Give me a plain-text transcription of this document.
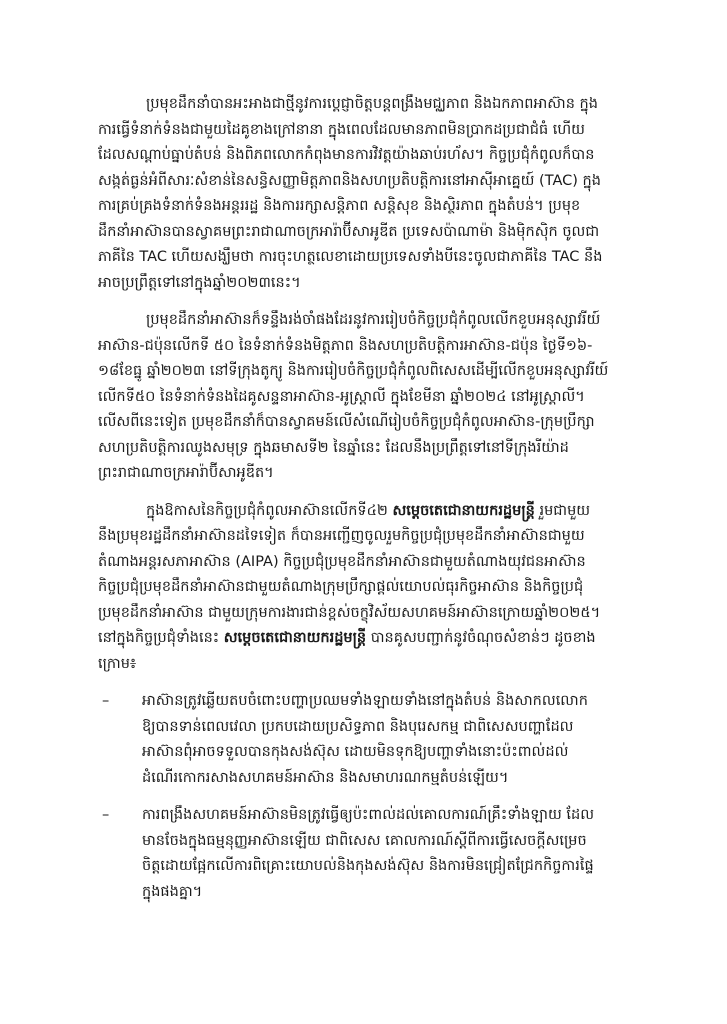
ប្រមុខដឹកនាំបានអះអាងជាថ្មីនូវការប្តេជ្ញាចិត្តបន្តពង្រឹងមជ្ឈភាព និងឯកភាពអាស៊ាន ក្នុង
ការធ្វើទំនាក់ទំនងជាមួយដៃគូខាងក្រៅនានា ក្នុងពេលដែលមានភាពមិនប្រាកដប្រជាជំធំ ហើយ
ដែលសណ្តាប់ធ្នាប់តំបន់ និងពិភពលោកកំពុងមានការវិវត្តយ៉ាងឆាប់រហ័ស។ កិច្ចប្រជុំកំពូលក៏បាន
សង្កត់ធ្ងន់អំពីសារៈសំខាន់នៃសន្ធិសញ្ញាមិត្តភាពនិងសហប្រតិបត្តិការនៅអាស៊ីអាគ្នេយ៍ (TAC) ក្នុង
ការគ្រប់គ្រងទំនាក់ទំនងអន្តររដ្ឋ និងការរក្សាសន្តិភាព សន្តិសុខ និងស្ថិរភាព ក្នុងតំបន់។ ប្រមុខ
ដឹកនាំអាស៊ានបានស្វាគមព្រះរាជាណាចក្រអារ៉ាប៊ីសាអូឌីត ប្រទេសប៉ាណាម៉ា និងម៉ិកស៊ិក ចូលជា
ភាគីនៃ TAC ហើយសង្ឃឹមថា ការចុះហត្ថលេខាដោយប្រទេសទាំងបីនេះចូលជាភាគីនៃ TAC នឹង
អាចប្រព្រឹត្តទៅនៅក្នុងឆ្នាំ២០២៣នេះ។

ប្រមុខដឹកនាំអាស៊ានក៏ទន្ទឹងរង់ចាំផងដែរនូវការរៀបចំកិច្ចប្រជុំកំពូលលើកខួបអនុស្សាវរីយ៍
អាស៊ាន-ជប៉ុនលើកទី ៥០ នៃទំនាក់ទំនងមិត្តភាព និងសហប្រតិបត្តិការអាស៊ាន-ជប៉ុន ថ្ងៃទី១៦-
១៨ខែធ្នូ ឆ្នាំ២០២៣ នៅទីក្រុងតូក្យូ និងការរៀបចំកិច្ចប្រជុំកំពូលពិសេសដើម្បីលើកខួបអនុស្សាវរីយ៍
លើកទី៥០ នៃទំនាក់ទំនងដៃគូសន្ទនាអាស៊ាន-អូស្ត្រាលី ក្នុងខែមីនា ឆ្នាំ២០២៤ នៅអូស្ត្រាលី។
លើសពីនេះទៀត ប្រមុខដឹកនាំក៏បានស្វាគមន៍លើសំណើរៀបចំកិច្ចប្រជុំកំពូលអាស៊ាន-ក្រុមប្រឹក្សា
សហប្រតិបត្តិការឈូងសមុទ្រ ក្នុងឆមាសទី២ នៃឆ្នាំនេះ ដែលនឹងប្រព្រឹត្តទៅនៅទីក្រុងរីយ៉ាដ
ព្រះរាជាណាចក្រអារ៉ាប៊ីសាអូឌីត។

ក្នុងឱកាសនៃកិច្ចប្រជុំកំពូលអាស៊ានលើកទី៤២ សម្តេចតេជោនាយករដ្ឋមន្ត្រី រួមជាមួយ
នឹងប្រមុខរដ្ឋដឹកនាំអាស៊ានដទៃទៀត ក៏បានអញ្ជើញចូលរួមកិច្ចប្រជុំប្រមុខដឹកនាំអាស៊ានជាមួយ
តំណាងអន្តរសភាអាស៊ាន (AIPA) កិច្ចប្រជុំប្រមុខដឹកនាំអាស៊ានជាមួយតំណាងយុវជនអាស៊ាន
កិច្ចប្រជុំប្រមុខដឹកនាំអាស៊ានជាមួយតំណាងក្រុមប្រឹក្សាផ្តល់យោបល់ធុរកិច្ចអាស៊ាន និងកិច្ចប្រជុំ
ប្រមុខដឹកនាំអាស៊ាន ជាមួយក្រុមការងារជាន់ខ្ពស់ចក្ខុវិស័យសហគមន៍អាស៊ានក្រោយឆ្នាំ២០២៥។
នៅក្នុងកិច្ចប្រជុំទាំងនេះ សម្តេចតេជោនាយករដ្ឋមន្ត្រី បានគូសបញ្ជាក់នូវចំណុចសំខាន់ៗ ដូចខាង
ក្រោម៖

– អាស៊ានត្រូវឆ្លើយតបចំពោះបញ្ហាប្រឈមទាំងឡាយទាំងនៅក្នុងតំបន់ និងសាកលលោក
ឱ្យបានទាន់ពេលវេលា ប្រកបដោយប្រសិទ្ធភាព និងបុរេសកម្ម ជាពិសេសបញ្ហាដែល
អាស៊ានពុំអាចទទួលបានកុងសង់ស៊ុស ដោយមិនទុកឱ្យបញ្ហាទាំងនោះប៉ះពាល់ដល់
ដំណើរកោករសាងសហគមន៍អាស៊ាន និងសមាហរណកម្មតំបន់ឡើយ។
– ការពង្រឹងសហគមន៍អាស៊ានមិនត្រូវធ្វើឲ្យប៉ះពាល់ដល់គោលការណ៍គ្រឹះទាំងឡាយ ដែល
មានចែងក្នុងធម្មនុញ្ញអាស៊ានឡើយ ជាពិសេស គោលការណ៍ស្តីពីការធ្វើសេចក្តីសម្រេច
ចិត្តដោយផ្អែកលើការពិគ្រោះយោបល់និងកុងសង់ស៊ុស និងការមិនជ្រៀតជ្រែកកិច្ចការផ្ទៃ
ក្នុងផងគ្នា។
